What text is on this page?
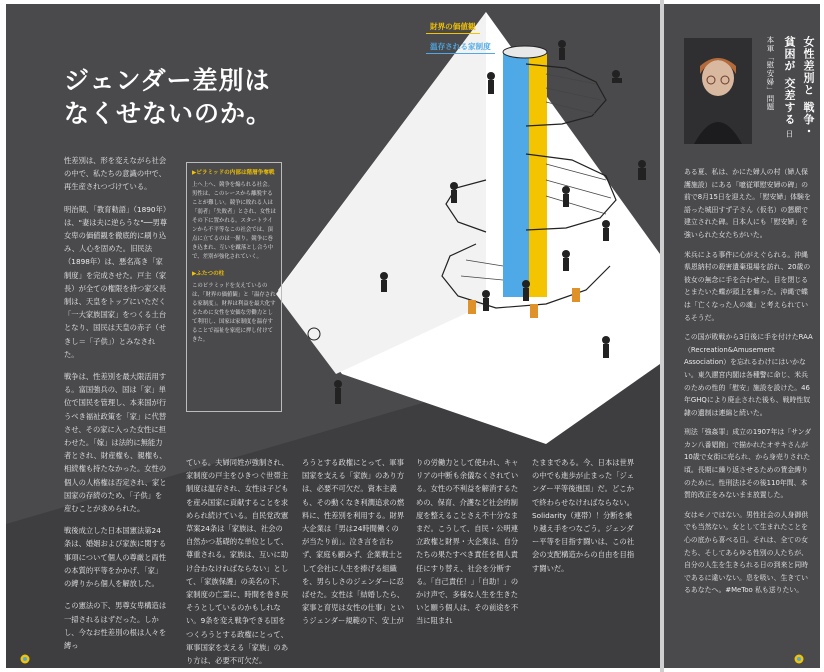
財界の価値観
温存される家制度
ジェンダー差別は
なくせないのか。

性差別は、形を変えながら社会の中で、私たちの意識の中で、再生産されつづけている。

明治期、「教育勅語」（1890年）は、"妻は夫に逆らうな"──男尊女卑の価値観を徹底的に刷り込み、人心を固めた。旧民法（1898年）は、悪名高き「家制度」を完成させた。戸主（家長）が全ての権限を持つ家父長制は、天皇をトップにいただく「一大家族国家」をつくる土台となり、国民は天皇の赤子（せきし＝「子供」）とみなされた。

戦争は、性差別を最大限活用する。富国強兵の、国は「家」単位で国民を管理し、本来国が行うべき福祉政策を「家」に代替させ、その家に入った女性に担わせた。「嫁」は法的に無能力者とされ、財産権も、親権も、相続権も持たなかった。女性の個人の人格権は否定され、家と国家の存続のため、「子供」を産むことが求められた。

戦後成立した日本国憲法第24条は、婚姻および家族に関する事項について個人の尊厳と両性の本質的平等をかかげ、「家」の縛りから個人を解放した。

この憲法の下、男尊女卑構造は一掃されるはずだった。しかし、今なお性差別の根は人々を縛っ

▶ピラミッドの内部は階層争奪戦

上へ上へ、競争を煽られる社会。男性は、このレースから離脱することが難しい。競争に敗れる人は「弱者」「失敗者」とされ、女性はその下に置かれる。スタートラインから不平等なこの社会では、頂点に立てるのは一握り。競争に巻き込まれ、互いを蹴落とし合う中で、差別が強化されていく。

▶ふたつの柱

このピラミッドを支えているのは、「財界の価値観」と「温存される家制度」。財界は利益を最大化するために女性を安価な労働力として利用し、国家は家制度を温存することで福祉を家庭に押し付けてきた。

ている。夫婦同姓が強制され、家制度の戸主をひきつぐ世帯主制度は温存され、女性は子どもを産み国家に貢献することを求められ続けている。自民党改憲草案24条は「家族は、社会の自然かつ基礎的な単位として、尊重される。家族は、互いに助け合わなければならない」として、「家族保護」の美名の下、家制度の亡霊に、時間を巻き戻そうとしているのかもしれない。9条を変え戦争できる国をつくろうとする政権にとって、軍事国家を支える「家族」のあり方は、必要不可欠だ。

ろうとする政権にとって、軍事国家を支える「家族」のあり方は、必要不可欠だ。資本主義も、その動くなき利潤追求の燃料に、性差別を利用する。財界大企業は「男は24時間働くのが当たり前」。泣き言を言わず、家庭も顧みず、企業戦士として会社に人生を捧げる組織を、男らしさのジェンダーに忍ばせた。女性は「結婚したら、家事と育児は女性の仕事」というジェンダー規範の下、安上が

りの労働力として使われ、キャリアの中断も余儀なくされている。女性の不利益を解消するための、保育、介護など社会的制度を整えることさえ不十分なままだ。こうして、自民・公明連立政権と財界・大企業は、自分たちの果たすべき責任を個人責任にすり替え、社会を分断する。「自己責任！」「自助！」のかけ声で、多様な人生を生きたいと願う個人は、その前途を不当に阻まれ

たままである。今、日本は世界の中でも進歩が止まった「ジェンダー平等後進国」だ。どこかで終わらせなければならない。Solidarity（連帯）！分断を乗り越え手をつなごう。ジェンダー平等を目指す闘いは、この社会の支配構造からの自由を目指す闘いだ。

女性差別と 戦争・貧困が 交差する 日本軍「慰安婦」問題

ある夏、私は、かにた婦人の村（婦人保護施設）にある「噫従軍慰安婦の碑」の前で8月15日を迎えた。「慰安婦」体験を語った城田すず子さん（仮名）の懇願で建立された碑。日本人にも「慰安婦」を強いられた女たちがいた。

米兵による事件に心がえぐられる。沖縄県恩納村の殺害遺棄現場を訪れ、20歳の彼女の無念に手を合わせた。目を閉じるとまたいた蝶が頭上を舞った。沖縄で蝶は「亡くなった人の魂」と考えられているそうだ。

この国が敗戦から3日後に手を付けたRAA（Recreation&Amusement Association）を忘れるわけにはいかない。東久邇宮内閣は各種警に命じ、米兵のための性的「慰安」施設を設けた。46年GHQにより廃止された後も、戦時性奴隷の遺制は連綿と続いた。

刑法「強姦罪」成立の1907年は「サンダカン八番娼館」で描かれたオサキさんが10歳で女街に売られ、から身売りされた頃。長期に繰り返させるための賃金縛りのために。性刑法はその後110年間、本質的改正をみないまま放置した。

女はモノではない。男性社会の人身御供でも当然ない。女として生まれたことを心の底から喜べる日。それは、全ての女たち、そしてあらゆる性別の人たちが、自分の人生を生きられる日の到来と同時であるに違いない。息を吸い、生きているあなたへ。#MeToo 私も送りたい。
